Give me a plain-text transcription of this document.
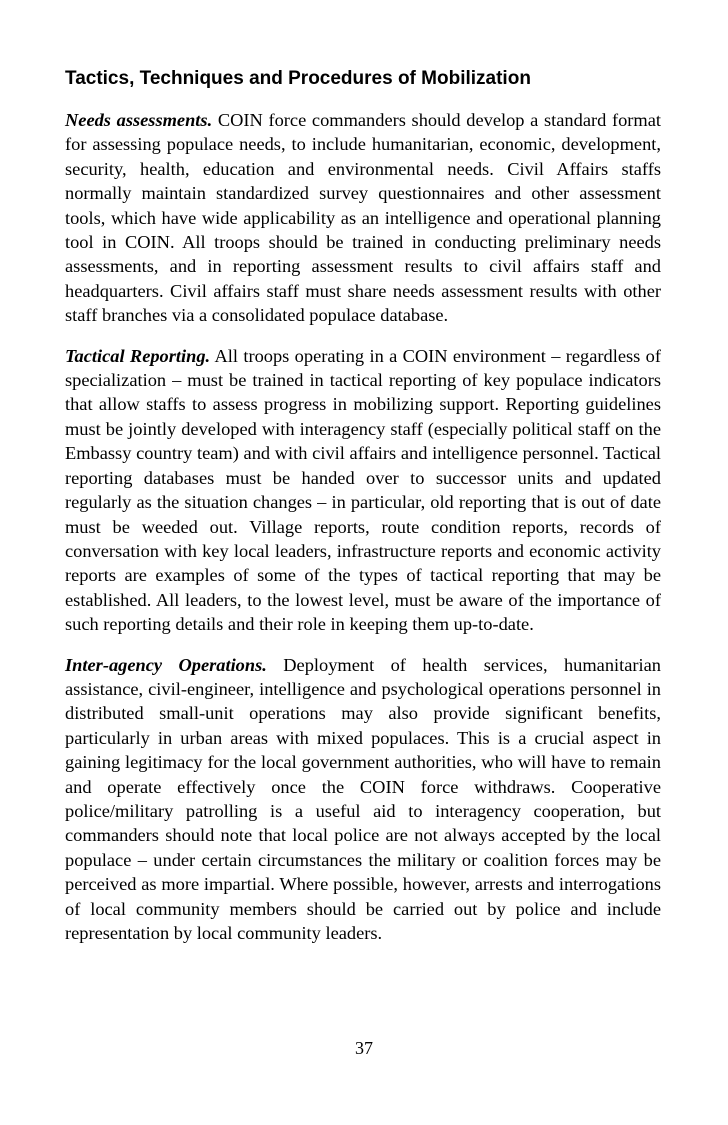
Tactics, Techniques and Procedures of Mobilization

Needs assessments. COIN force commanders should develop a standard format for assessing populace needs, to include humanitarian, economic, development, security, health, education and environmental needs. Civil Affairs staffs normally maintain standardized survey questionnaires and other assessment tools, which have wide applicability as an intelligence and operational planning tool in COIN. All troops should be trained in conducting preliminary needs assessments, and in reporting assessment results to civil affairs staff and headquarters. Civil affairs staff must share needs assessment results with other staff branches via a consolidated populace database.

Tactical Reporting. All troops operating in a COIN environment – regardless of specialization – must be trained in tactical reporting of key populace indicators that allow staffs to assess progress in mobilizing support. Reporting guidelines must be jointly developed with interagency staff (especially political staff on the Embassy country team) and with civil affairs and intelligence personnel. Tactical reporting databases must be handed over to successor units and updated regularly as the situation changes – in particular, old reporting that is out of date must be weeded out. Village reports, route condition reports, records of conversation with key local leaders, infrastructure reports and economic activity reports are examples of some of the types of tactical reporting that may be established. All leaders, to the lowest level, must be aware of the importance of such reporting details and their role in keeping them up-to-date.

Inter-agency Operations. Deployment of health services, humanitarian assistance, civil-engineer, intelligence and psychological operations personnel in distributed small-unit operations may also provide significant benefits, particularly in urban areas with mixed populaces. This is a crucial aspect in gaining legitimacy for the local government authorities, who will have to remain and operate effectively once the COIN force withdraws. Cooperative police/military patrolling is a useful aid to interagency cooperation, but commanders should note that local police are not always accepted by the local populace – under certain circumstances the military or coalition forces may be perceived as more impartial. Where possible, however, arrests and interrogations of local community members should be carried out by police and include representation by local community leaders.

37
